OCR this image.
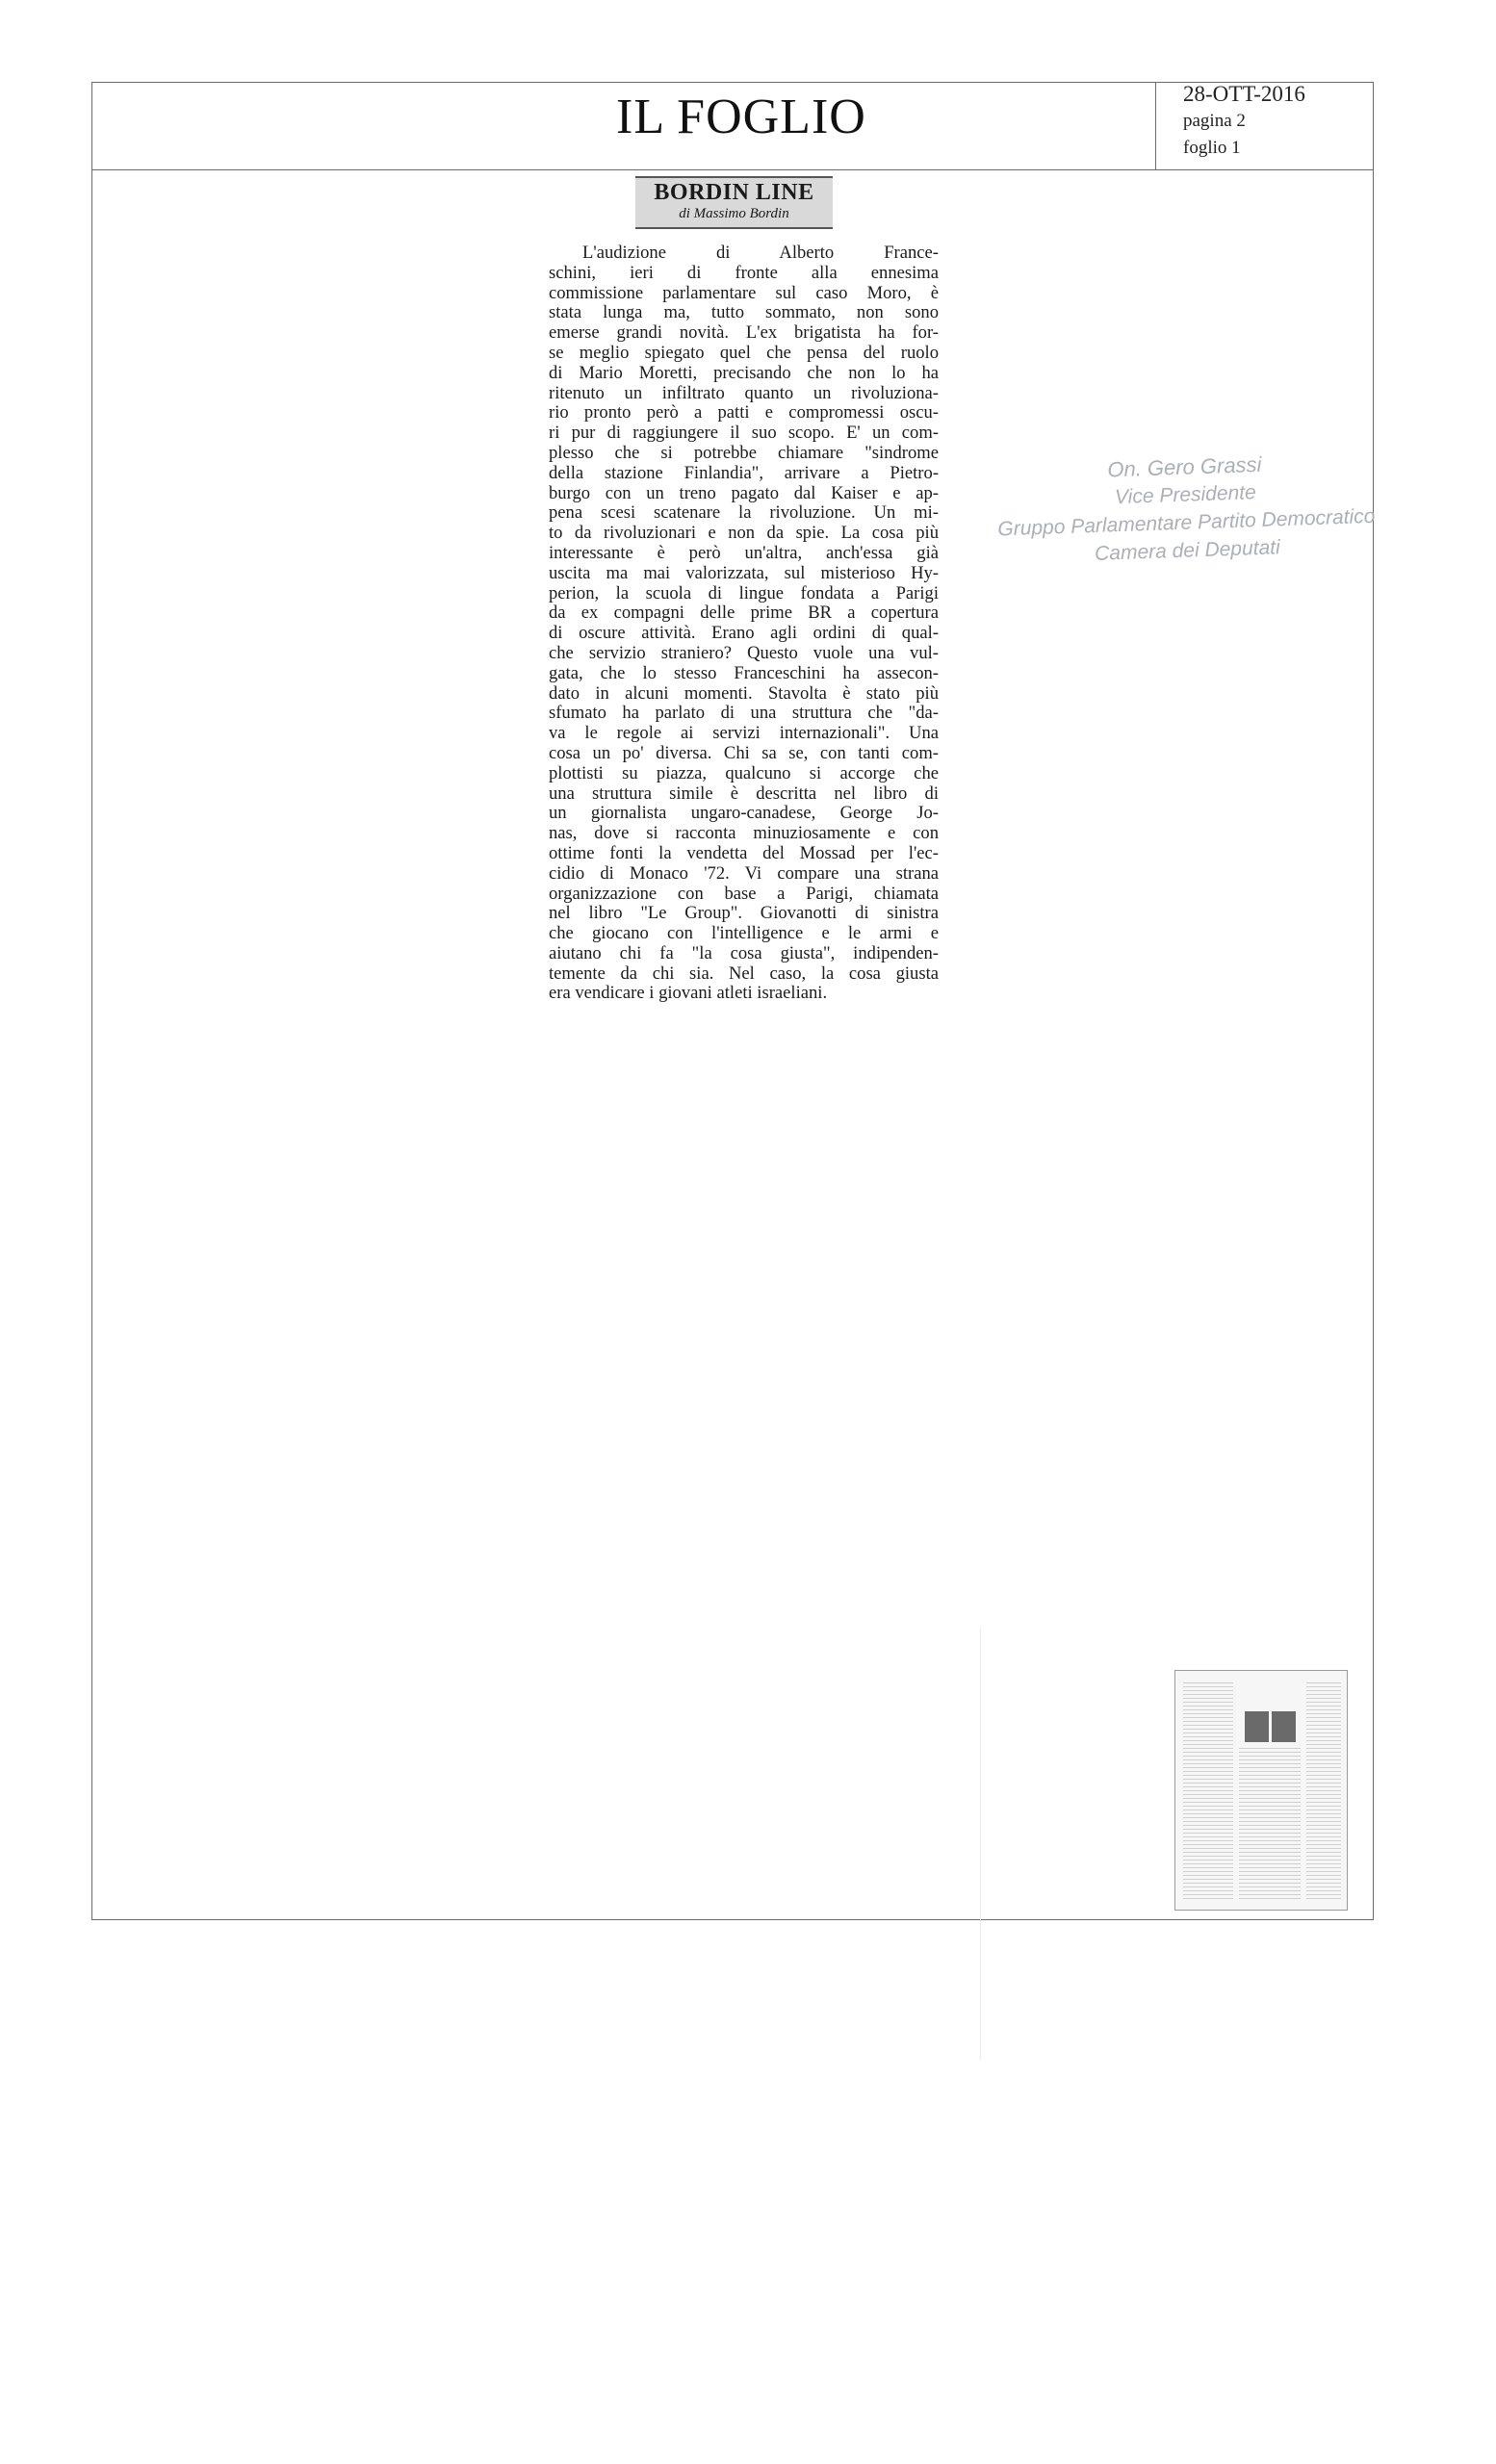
IL FOGLIO	28-OTT-2016
pagina 2
foglio 1
BORDIN LINE
di Massimo Bordin
L'audizione di Alberto France-
schini, ieri di fronte alla ennesima
commissione parlamentare sul caso Moro, è
stata lunga ma, tutto sommato, non sono
emerse grandi novità. L'ex brigatista ha for-
se meglio spiegato quel che pensa del ruolo
di Mario Moretti, precisando che non lo ha
ritenuto un infiltrato quanto un rivoluziona-
rio pronto però a patti e compromessi oscu-
ri pur di raggiungere il suo scopo. E' un com-
plesso che si potrebbe chiamare "sindrome
della stazione Finlandia", arrivare a Pietro-
burgo con un treno pagato dal Kaiser e ap-
pena scesi scatenare la rivoluzione. Un mi-
to da rivoluzionari e non da spie. La cosa più
interessante è però un'altra, anch'essa già
uscita ma mai valorizzata, sul misterioso Hy-
perion, la scuola di lingue fondata a Parigi
da ex compagni delle prime BR a copertura
di oscure attività. Erano agli ordini di qual-
che servizio straniero? Questo vuole una vul-
gata, che lo stesso Franceschini ha assecon-
dato in alcuni momenti. Stavolta è stato più
sfumato ha parlato di una struttura che "da-
va le regole ai servizi internazionali". Una
cosa un po' diversa. Chi sa se, con tanti com-
plottisti su piazza, qualcuno si accorge che
una struttura simile è descritta nel libro di
un giornalista ungaro-canadese, George Jo-
nas, dove si racconta minuziosamente e con
ottime fonti la vendetta del Mossad per l'ec-
cidio di Monaco '72. Vi compare una strana
organizzazione con base a Parigi, chiamata
nel libro "Le Group". Giovanotti di sinistra
che giocano con l'intelligence e le armi e
aiutano chi fa "la cosa giusta", indipenden-
temente da chi sia. Nel caso, la cosa giusta
era vendicare i giovani atleti israeliani.
On. Gero Grassi
Vice Presidente
Gruppo Parlamentare Partito Democratico
Camera dei Deputati
